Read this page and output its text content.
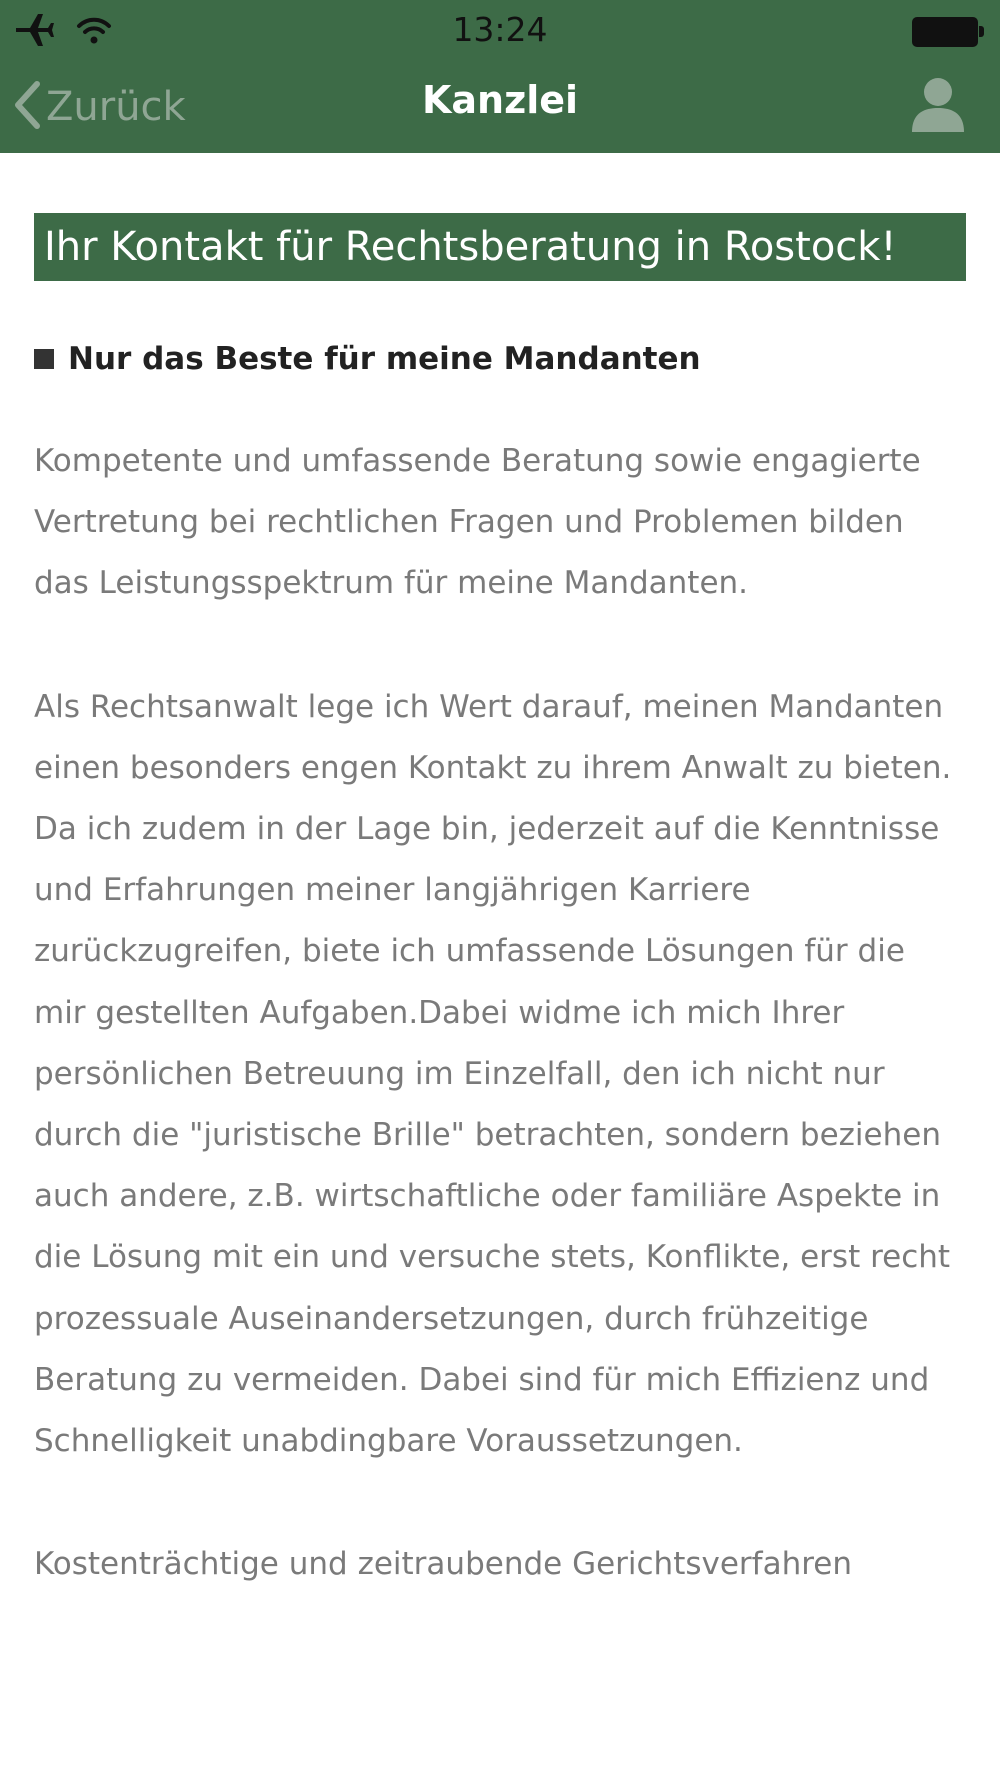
13:24
Zurück	Kanzlei
Ihr Kontakt für Rechtsberatung in Rostock!
Nur das Beste für meine Mandanten

Kompetente und umfassende Beratung sowie engagierte Vertretung bei rechtlichen Fragen und Problemen bilden das Leistungsspektrum für meine Mandanten.

Als Rechtsanwalt lege ich Wert darauf, meinen Mandanten einen besonders engen Kontakt zu ihrem Anwalt zu bieten. Da ich zudem in der Lage bin, jederzeit auf die Kenntnisse und Erfahrungen meiner langjährigen Karriere zurückzugreifen, biete ich umfassende Lösungen für die mir gestellten Aufgaben.Dabei widme ich mich Ihrer persönlichen Betreuung im Einzelfall, den ich nicht nur durch die "juristische Brille" betrachten, sondern beziehen auch andere, z.B. wirtschaftliche oder familiäre Aspekte in die Lösung mit ein und versuche stets, Konflikte, erst recht prozessuale Auseinandersetzungen, durch frühzeitige Beratung zu vermeiden. Dabei sind für mich Effizienz und Schnelligkeit unabdingbare Voraussetzungen.

Kostenträchtige und zeitraubende Gerichtsverfahren
